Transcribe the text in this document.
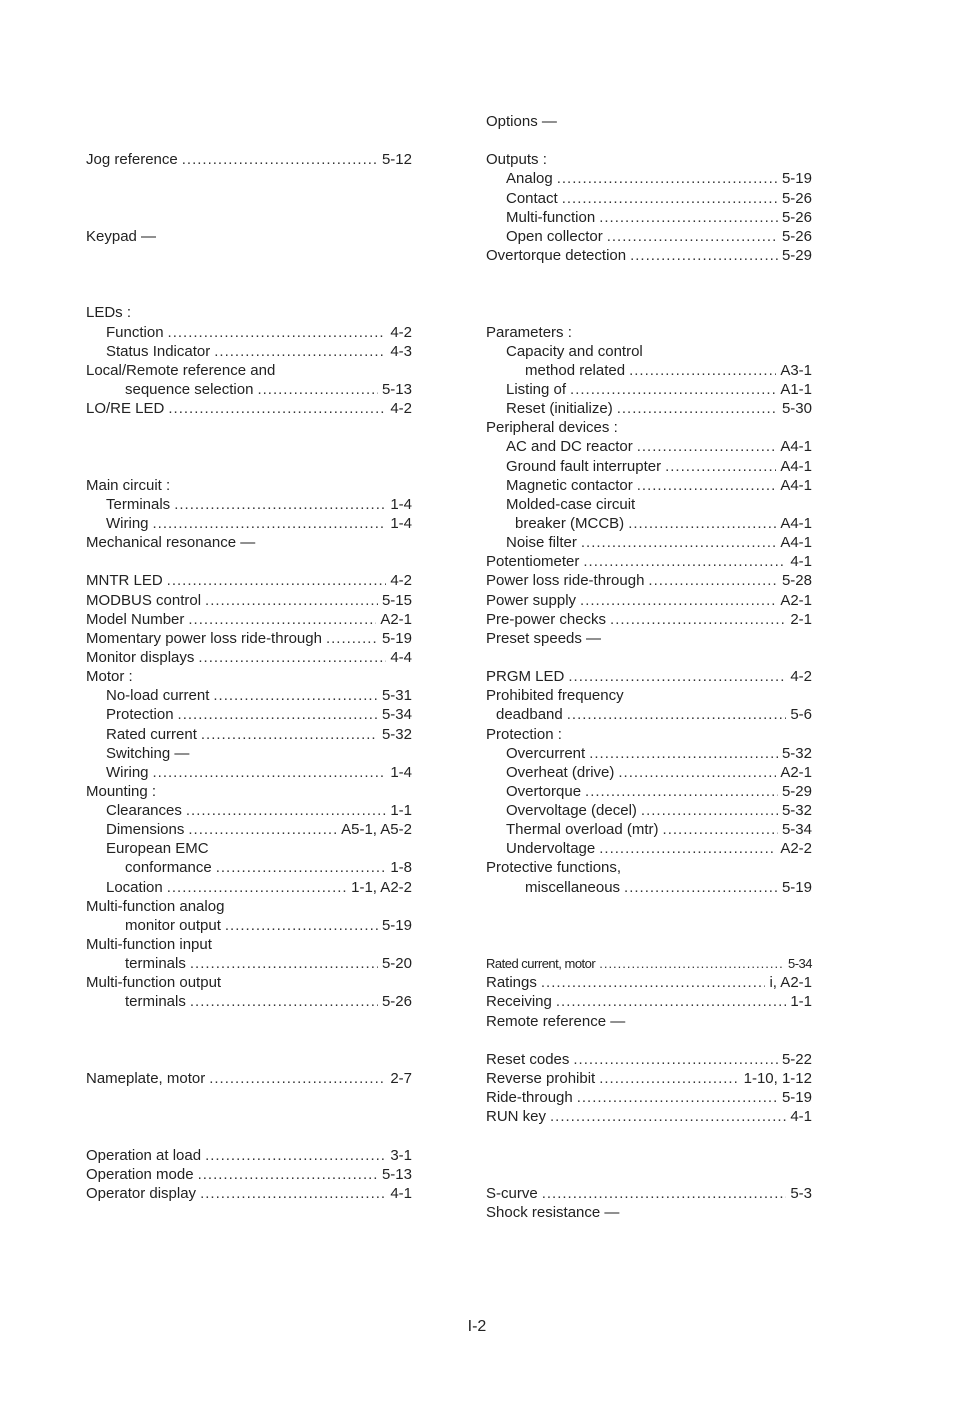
Jog reference .....	5-12
Keypad —
LEDs :
Function .....	4-2
Status Indicator .....	4-3
Local/Remote reference and
sequence selection .....	5-13
LO/RE LED .....	4-2
Main circuit :
Terminals .....	1-4
Wiring .....	1-4
Mechanical resonance —
MNTR LED .....	4-2
MODBUS control .....	5-15
Model Number .....	A2-1
Momentary power loss ride-through .....	5-19
Monitor displays .....	4-4
Motor :
No-load current .....	5-31
Protection .....	5-34
Rated current .....	5-32
Switching —
Wiring .....	1-4
Mounting :
Clearances .....	1-1
Dimensions .....	A5-1, A5-2
European EMC
conformance .....	1-8
Location .....	1-1, A2-2
Multi-function analog
monitor output .....	5-19
Multi-function input
terminals .....	5-20
Multi-function output
terminals .....	5-26
Nameplate, motor .....	2-7
Operation at load .....	3-1
Operation mode .....	5-13
Operator display .....	4-1
Options —
Outputs :
Analog .....	5-19
Contact .....	5-26
Multi-function .....	5-26
Open collector .....	5-26
Overtorque detection .....	5-29
Parameters :
Capacity and control
method related .....	A3-1
Listing of .....	A1-1
Reset (initialize) .....	5-30
Peripheral devices :
AC and DC reactor .....	A4-1
Ground fault interrupter .....	A4-1
Magnetic contactor .....	A4-1
Molded-case circuit
breaker (MCCB) .....	A4-1
Noise filter .....	A4-1
Potentiometer .....	4-1
Power loss ride-through .....	5-28
Power supply .....	A2-1
Pre-power checks .....	2-1
Preset speeds —
PRGM LED .....	4-2
Prohibited frequency
deadband .....	5-6
Protection :
Overcurrent .....	5-32
Overheat (drive) .....	A2-1
Overtorque .....	5-29
Overvoltage (decel) .....	5-32
Thermal overload (mtr) .....	5-34
Undervoltage .....	A2-2
Protective functions,
miscellaneous .....	5-19
Rated current, motor .....	5-34
Ratings .....	i, A2-1
Receiving .....	1-1
Remote reference —
Reset codes .....	5-22
Reverse prohibit .....	1-10, 1-12
Ride-through .....	5-19
RUN key .....	4-1
S-curve .....	5-3
Shock resistance —
I-2
